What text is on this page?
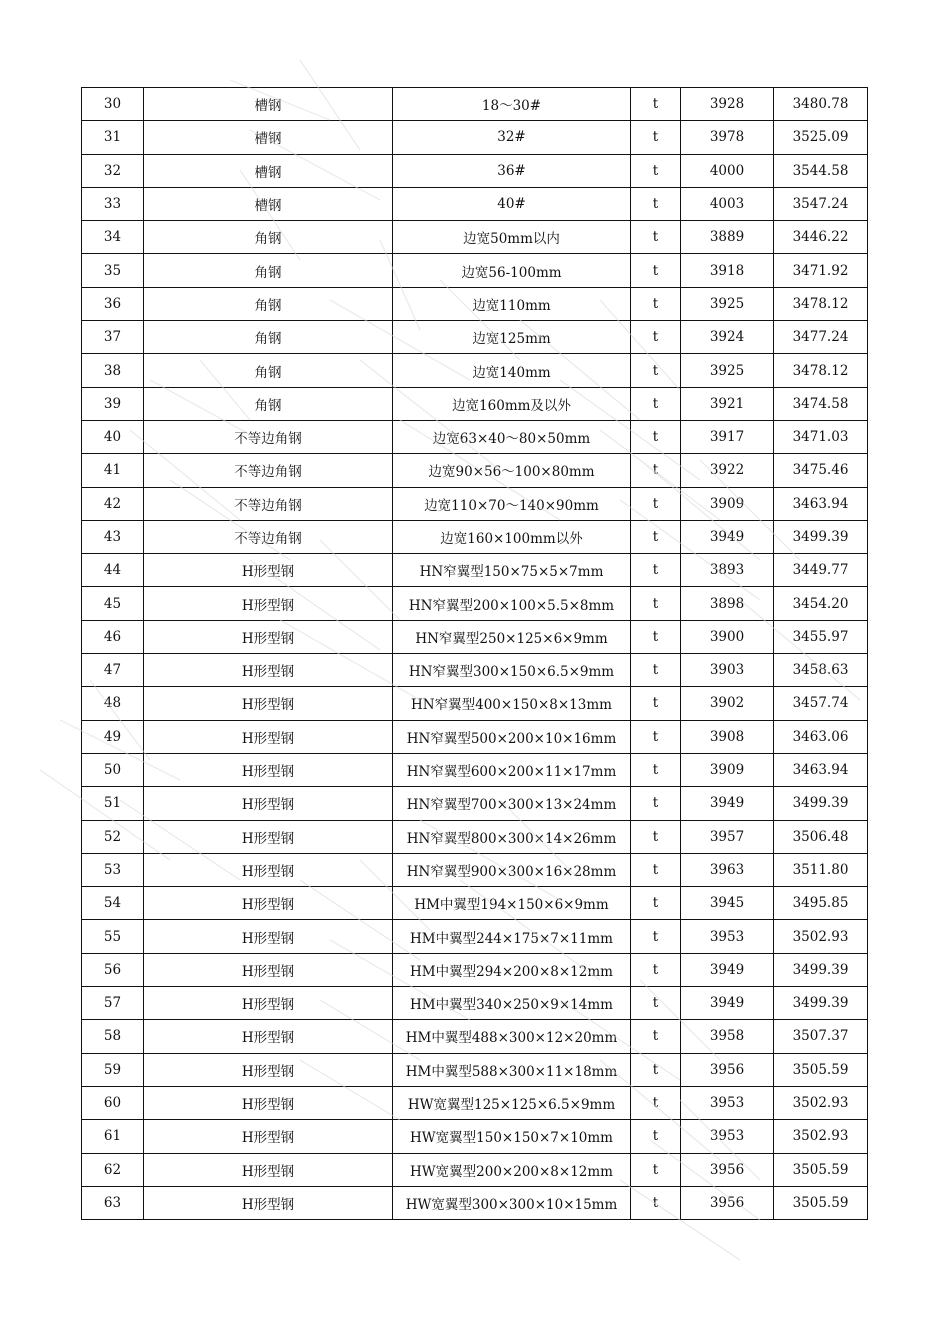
30	槽钢	18～30#	t	3928	3480.78
31	槽钢	32#	t	3978	3525.09
32	槽钢	36#	t	4000	3544.58
33	槽钢	40#	t	4003	3547.24
34	角钢	边宽50mm以内	t	3889	3446.22
35	角钢	边宽56-100mm	t	3918	3471.92
36	角钢	边宽110mm	t	3925	3478.12
37	角钢	边宽125mm	t	3924	3477.24
38	角钢	边宽140mm	t	3925	3478.12
39	角钢	边宽160mm及以外	t	3921	3474.58
40	不等边角钢	边宽63×40～80×50mm	t	3917	3471.03
41	不等边角钢	边宽90×56～100×80mm	t	3922	3475.46
42	不等边角钢	边宽110×70～140×90mm	t	3909	3463.94
43	不等边角钢	边宽160×100mm以外	t	3949	3499.39
44	H形型钢	HN窄翼型150×75×5×7mm	t	3893	3449.77
45	H形型钢	HN窄翼型200×100×5.5×8mm	t	3898	3454.20
46	H形型钢	HN窄翼型250×125×6×9mm	t	3900	3455.97
47	H形型钢	HN窄翼型300×150×6.5×9mm	t	3903	3458.63
48	H形型钢	HN窄翼型400×150×8×13mm	t	3902	3457.74
49	H形型钢	HN窄翼型500×200×10×16mm	t	3908	3463.06
50	H形型钢	HN窄翼型600×200×11×17mm	t	3909	3463.94
51	H形型钢	HN窄翼型700×300×13×24mm	t	3949	3499.39
52	H形型钢	HN窄翼型800×300×14×26mm	t	3957	3506.48
53	H形型钢	HN窄翼型900×300×16×28mm	t	3963	3511.80
54	H形型钢	HM中翼型194×150×6×9mm	t	3945	3495.85
55	H形型钢	HM中翼型244×175×7×11mm	t	3953	3502.93
56	H形型钢	HM中翼型294×200×8×12mm	t	3949	3499.39
57	H形型钢	HM中翼型340×250×9×14mm	t	3949	3499.39
58	H形型钢	HM中翼型488×300×12×20mm	t	3958	3507.37
59	H形型钢	HM中翼型588×300×11×18mm	t	3956	3505.59
60	H形型钢	HW宽翼型125×125×6.5×9mm	t	3953	3502.93
61	H形型钢	HW宽翼型150×150×7×10mm	t	3953	3502.93
62	H形型钢	HW宽翼型200×200×8×12mm	t	3956	3505.59
63	H形型钢	HW宽翼型300×300×10×15mm	t	3956	3505.59
